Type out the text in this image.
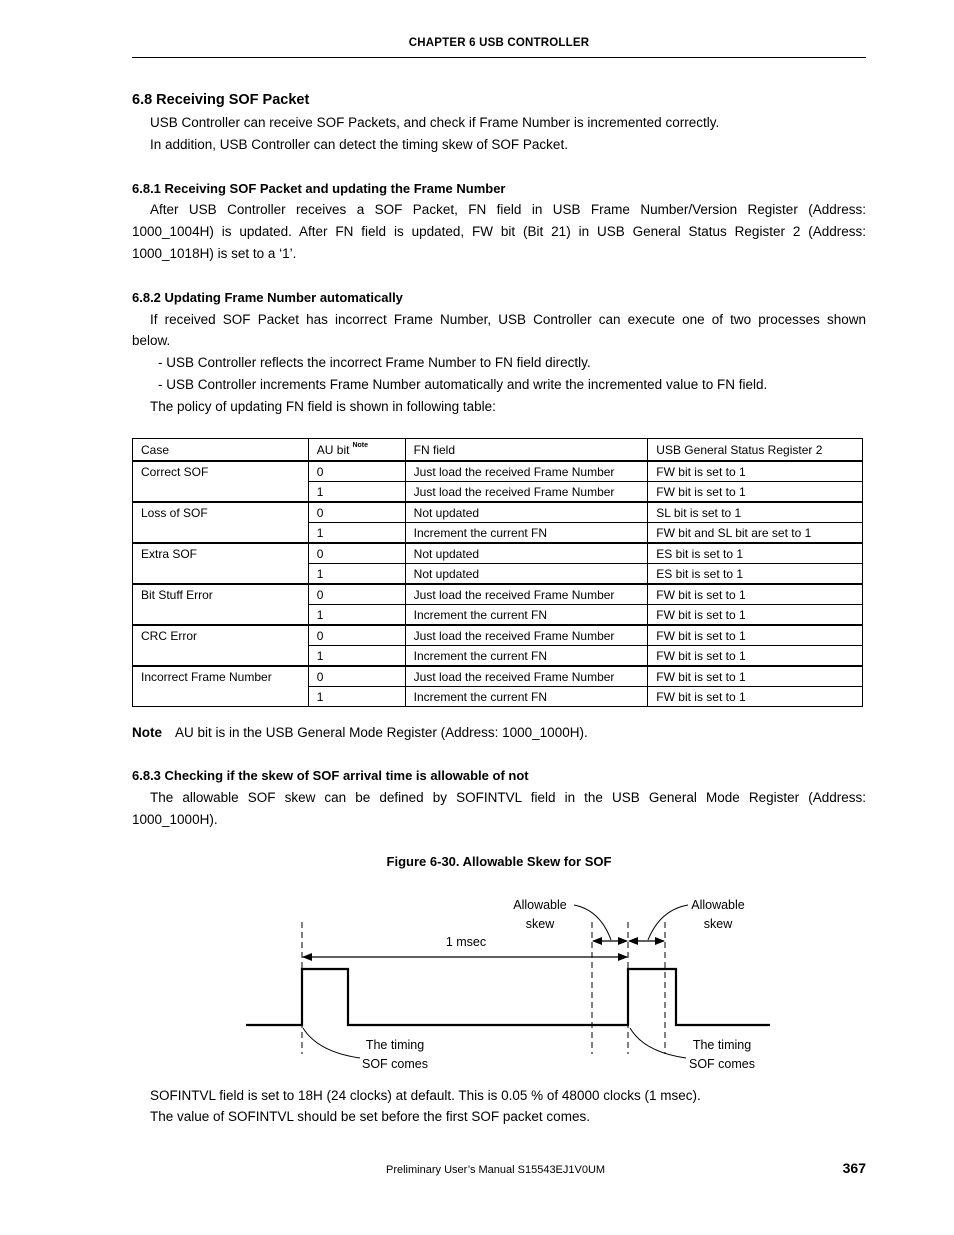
CHAPTER 6 USB CONTROLLER
6.8 Receiving SOF Packet
USB Controller can receive SOF Packets, and check if Frame Number is incremented correctly.
In addition, USB Controller can detect the timing skew of SOF Packet.
6.8.1 Receiving SOF Packet and updating the Frame Number
After USB Controller receives a SOF Packet, FN field in USB Frame Number/Version Register (Address:
1000_1004H) is updated. After FN field is updated, FW bit (Bit 21) in USB General Status Register 2 (Address:
1000_1018H) is set to a ‘1’.
6.8.2 Updating Frame Number automatically
If received SOF Packet has incorrect Frame Number, USB Controller can execute one of two processes shown
below.
- USB Controller reflects the incorrect Frame Number to FN field directly.
- USB Controller increments Frame Number automatically and write the incremented value to FN field.
The policy of updating FN field is shown in following table:
Case	AU bit $^{Note}$	FN field	USB General Status Register 2
Correct SOF	0	Just load the received Frame Number	FW bit is set to 1
	1	Just load the received Frame Number	FW bit is set to 1
Loss of SOF	0	Not updated	SL bit is set to 1
	1	Increment the current FN	FW bit and SL bit are set to 1
Extra SOF	0	Not updated	ES bit is set to 1
	1	Not updated	ES bit is set to 1
Bit Stuff Error	0	Just load the received Frame Number	FW bit is set to 1
	1	Increment the current FN	FW bit is set to 1
CRC Error	0	Just load the received Frame Number	FW bit is set to 1
	1	Increment the current FN	FW bit is set to 1
Incorrect Frame Number	0	Just load the received Frame Number	FW bit is set to 1
	1	Increment the current FN	FW bit is set to 1
Note AU bit is in the USB General Mode Register (Address: 1000_1000H).
6.8.3 Checking if the skew of SOF arrival time is allowable of not
The allowable SOF skew can be defined by SOFINTVL field in the USB General Mode Register (Address:
1000_1000H).
Figure 6-30. Allowable Skew for SOF
1 msec
Allowable
skew
Allowable
skew
The timing
SOF comes
The timing
SOF comes
SOFINTVL field is set to 18H (24 clocks) at default. This is 0.05 % of 48000 clocks (1 msec).
The value of SOFINTVL should be set before the first SOF packet comes.
Preliminary User’s Manual S15543EJ1V0UM	367
